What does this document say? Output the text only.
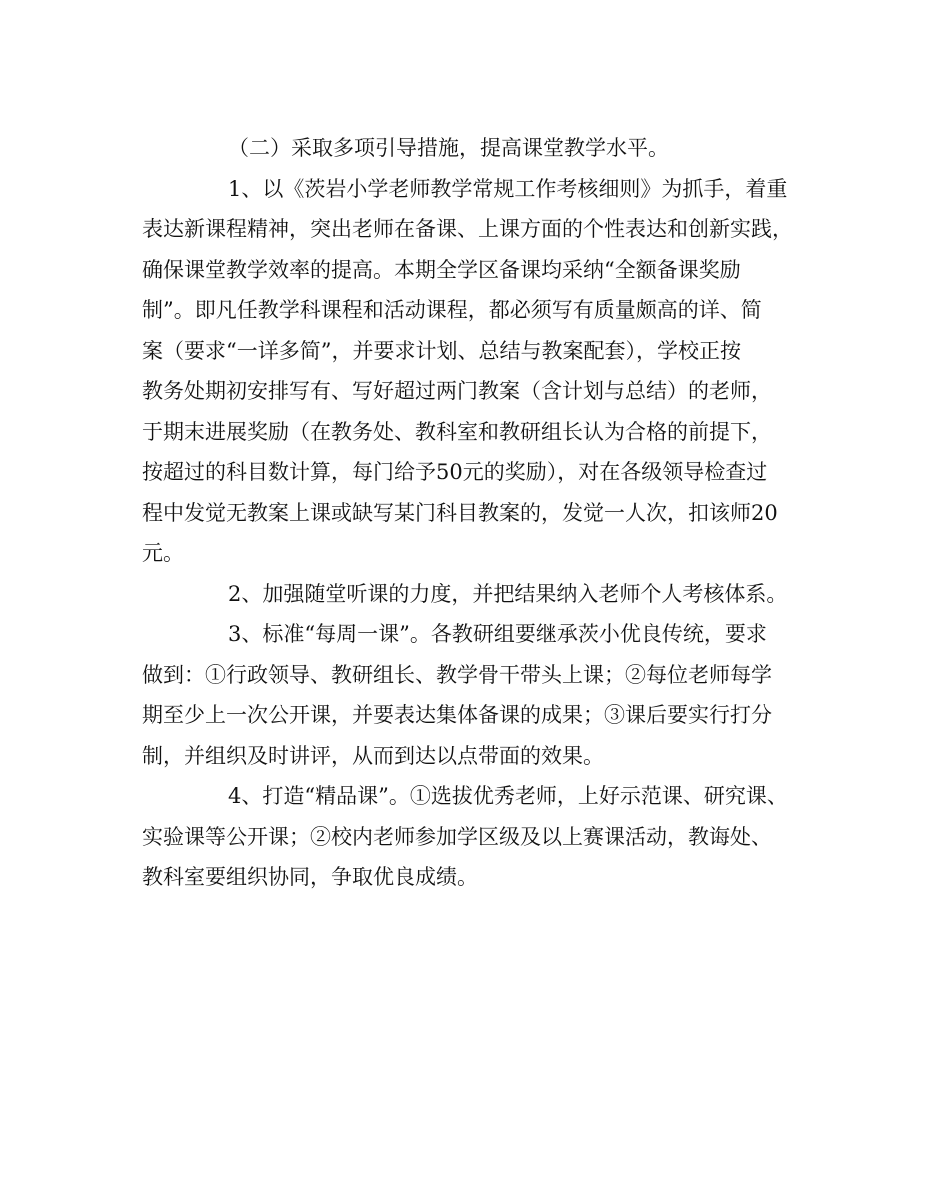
（二）采取多项引导措施，提高课堂教学水平。
1、以《茨岩小学老师教学常规工作考核细则》为抓手，着重
表达新课程精神，突出老师在备课、上课方面的个性表达和创新实践，
确保课堂教学效率的提高。本期全学区备课均采纳“全额备课奖励
制”。即凡任教学科课程和活动课程，都必须写有质量颇高的详、简
案（要求“一详多简”，并要求计划、总结与教案配套），学校正按
教务处期初安排写有、写好超过两门教案（含计划与总结）的老师，
于期末进展奖励（在教务处、教科室和教研组长认为合格的前提下，
按超过的科目数计算，每门给予50元的奖励），对在各级领导检查过
程中发觉无教案上课或缺写某门科目教案的，发觉一人次，扣该师20
元。
2、加强随堂听课的力度，并把结果纳入老师个人考核体系。
3、标准“每周一课”。各教研组要继承茨小优良传统，要求
做到：①行政领导、教研组长、教学骨干带头上课；②每位老师每学
期至少上一次公开课，并要表达集体备课的成果；③课后要实行打分
制，并组织及时讲评，从而到达以点带面的效果。
4、打造“精品课”。①选拔优秀老师，上好示范课、研究课、
实验课等公开课；②校内老师参加学区级及以上赛课活动，教诲处、
教科室要组织协同，争取优良成绩。
